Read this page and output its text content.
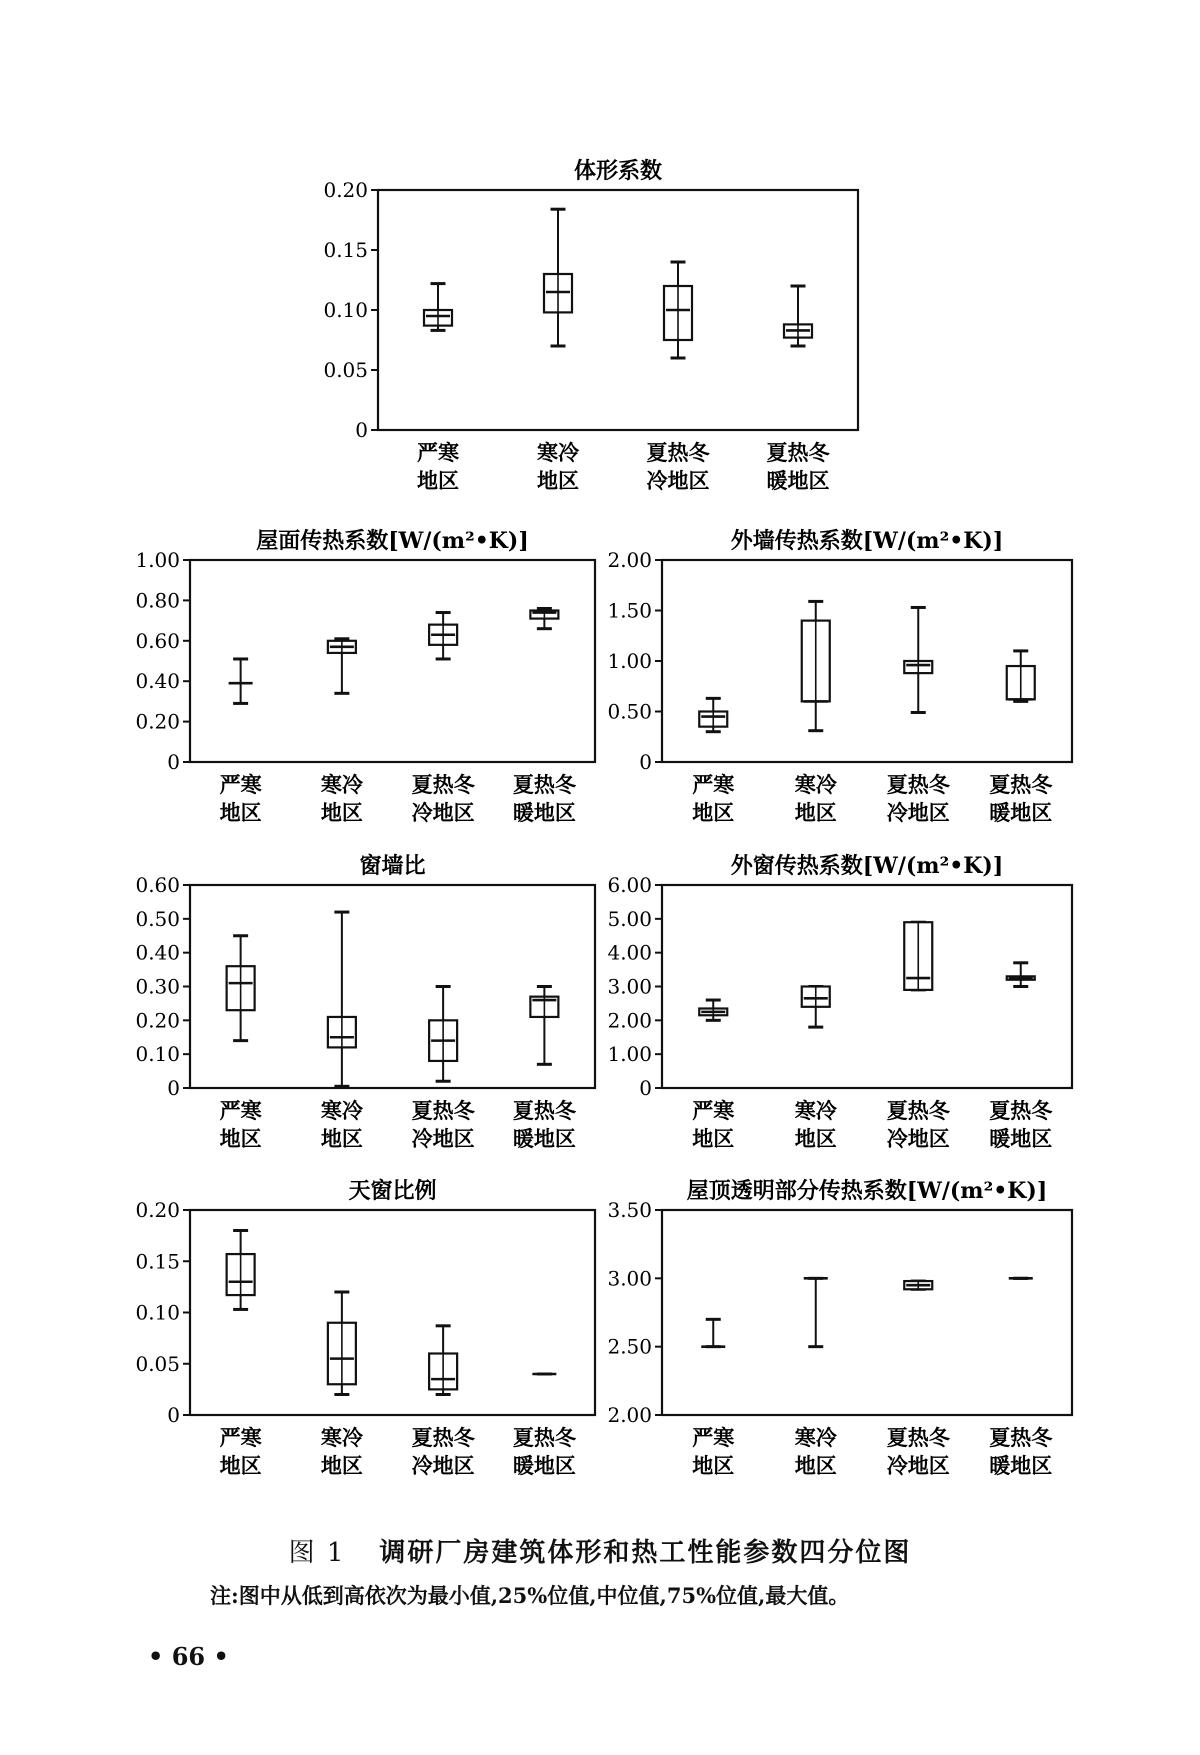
体形系数
0
0.05
0.10
0.15
0.20
严寒
地区
寒冷
地区
夏热冬
冷地区
夏热冬
暖地区
屋面传热系数[W/(m²•K)]
0
0.20
0.40
0.60
0.80
1.00
严寒
地区
寒冷
地区
夏热冬
冷地区
夏热冬
暖地区
外墙传热系数[W/(m²•K)]
0
0.50
1.00
1.50
2.00
严寒
地区
寒冷
地区
夏热冬
冷地区
夏热冬
暖地区
窗墙比
0
0.10
0.20
0.30
0.40
0.50
0.60
严寒
地区
寒冷
地区
夏热冬
冷地区
夏热冬
暖地区
外窗传热系数[W/(m²•K)]
0
1.00
2.00
3.00
4.00
5.00
6.00
严寒
地区
寒冷
地区
夏热冬
冷地区
夏热冬
暖地区
天窗比例
0
0.05
0.10
0.15
0.20
严寒
地区
寒冷
地区
夏热冬
冷地区
夏热冬
暖地区
屋顶透明部分传热系数[W/(m²•K)]
2.00
2.50
3.00
3.50
严寒
地区
寒冷
地区
夏热冬
冷地区
夏热冬
暖地区
图 1 调研厂房建筑体形和热工性能参数四分位图
注:图中从低到高依次为最小值,25%位值,中位值,75%位值,最大值。
• 66 •
